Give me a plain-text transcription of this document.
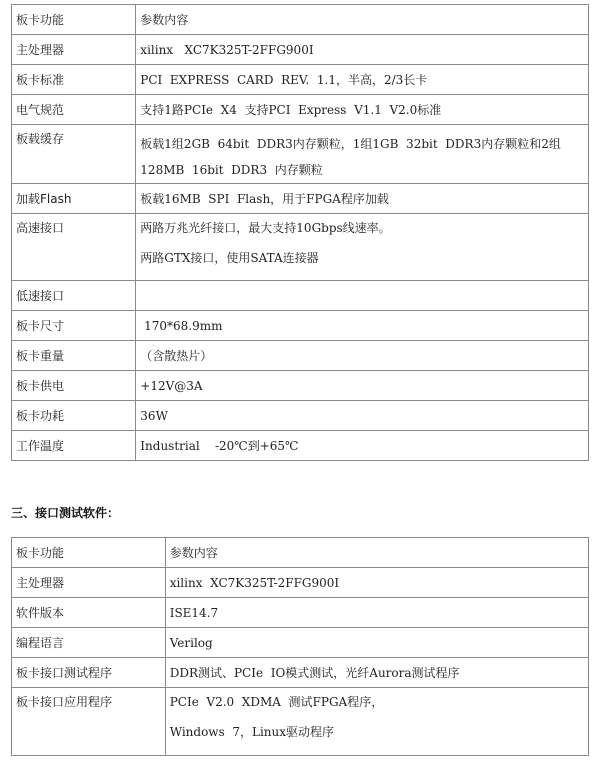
板卡功能	参数内容
主处理器	xilinx   XC7K325T-2FFG900I
板卡标准	PCI  EXPRESS  CARD  REV.  1.1，半高，2/3长卡
电气规范	支持1路PCIe  X4  支持PCI  Express  V1.1  V2.0标准
板载缓存	板载1组2GB  64bit  DDR3内存颗粒，1组1GB  32bit  DDR3内存颗粒和2组
128MB  16bit  DDR3  内存颗粒

加载Flash	板载16MB  SPI  Flash，用于FPGA程序加载
高速接口	两路万兆光纤接口，最大支持10Gbps线速率。
两路GTX接口，使用SATA连接器

低速接口	
板卡尺寸	170*68.9mm
板卡重量	（含散热片）
板卡供电	+12V@3A
板卡功耗	36W
工作温度	Industrial    -20℃到+65℃
三、接口测试软件：
板卡功能	参数内容
主处理器	xilinx  XC7K325T-2FFG900I
软件版本	ISE14.7
编程语言	Verilog
板卡接口测试程序	DDR测试、PCIe  IO模式测试，光纤Aurora测试程序
板卡接口应用程序	PCIe  V2.0  XDMA  测试FPGA程序，
Windows  7，Linux驱动程序
